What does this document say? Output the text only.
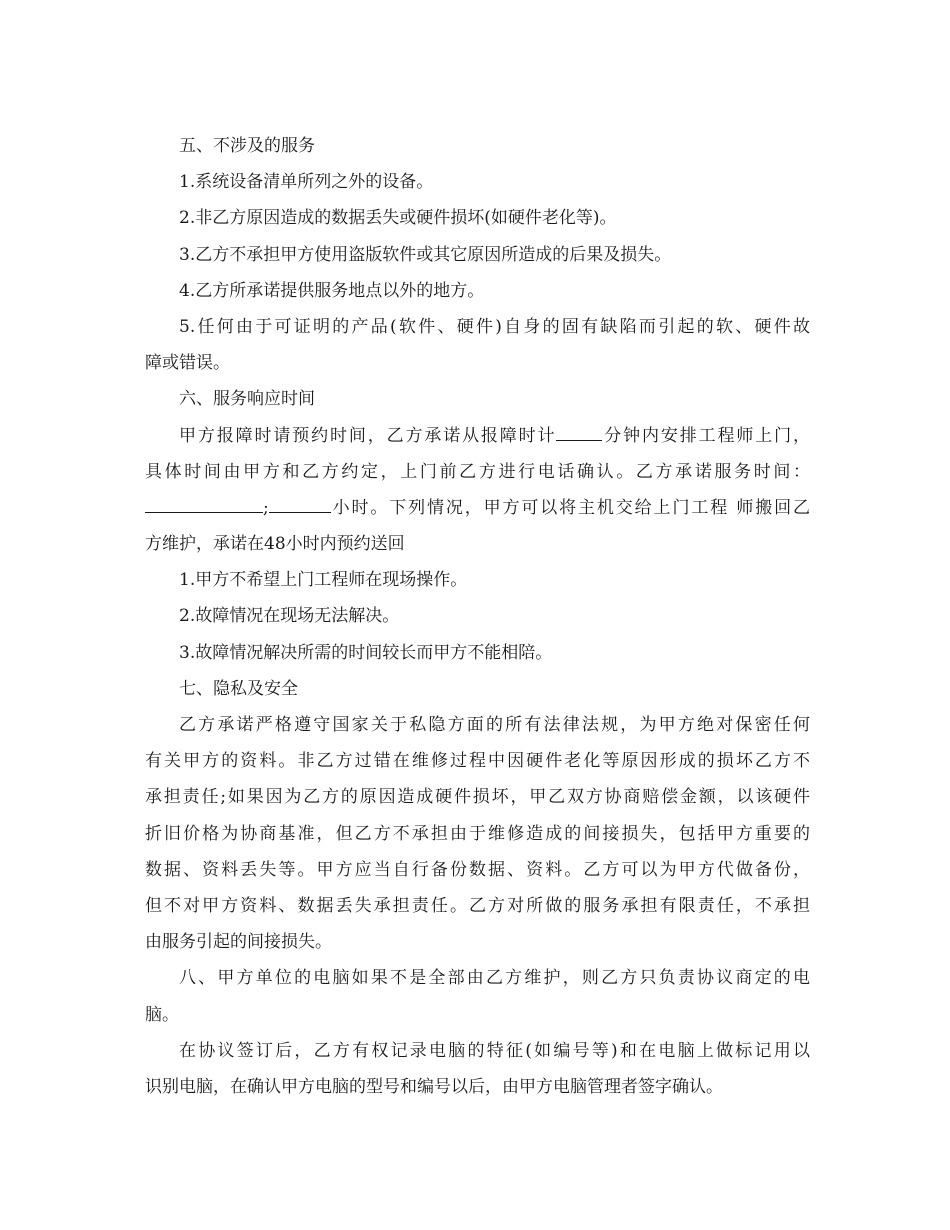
五、不涉及的服务
1.系统设备清单所列之外的设备。
2.非乙方原因造成的数据丢失或硬件损坏(如硬件老化等)。
3.乙方不承担甲方使用盗版软件或其它原因所造成的后果及损失。
4.乙方所承诺提供服务地点以外的地方。
5.任何由于可证明的产品(软件、硬件)自身的固有缺陷而引起的软、硬件故
障或错误。
六、服务响应时间
甲方报障时请预约时间，乙方承诺从报障时计	分钟内安排工程师上门，
具体时间由甲方和乙方约定，上门前乙方进行电话确认。乙方承诺服务时间：
;	小时。下列情况，甲方可以将主机交给上门工程 师搬回乙
方维护，承诺在48小时内预约送回
1.甲方不希望上门工程师在现场操作。
2.故障情况在现场无法解决。
3.故障情况解决所需的时间较长而甲方不能相陪。
七、隐私及安全
乙方承诺严格遵守国家关于私隐方面的所有法律法规，为甲方绝对保密任何
有关甲方的资料。非乙方过错在维修过程中因硬件老化等原因形成的损坏乙方不
承担责任;如果因为乙方的原因造成硬件损坏，甲乙双方协商赔偿金额，以该硬件
折旧价格为协商基准，但乙方不承担由于维修造成的间接损失，包括甲方重要的
数据、资料丢失等。甲方应当自行备份数据、资料。乙方可以为甲方代做备份，
但不对甲方资料、数据丢失承担责任。乙方对所做的服务承担有限责任，不承担
由服务引起的间接损失。
八、甲方单位的电脑如果不是全部由乙方维护，则乙方只负责协议商定的电
脑。
在协议签订后，乙方有权记录电脑的特征(如编号等)和在电脑上做标记用以
识别电脑，在确认甲方电脑的型号和编号以后，由甲方电脑管理者签字确认。
